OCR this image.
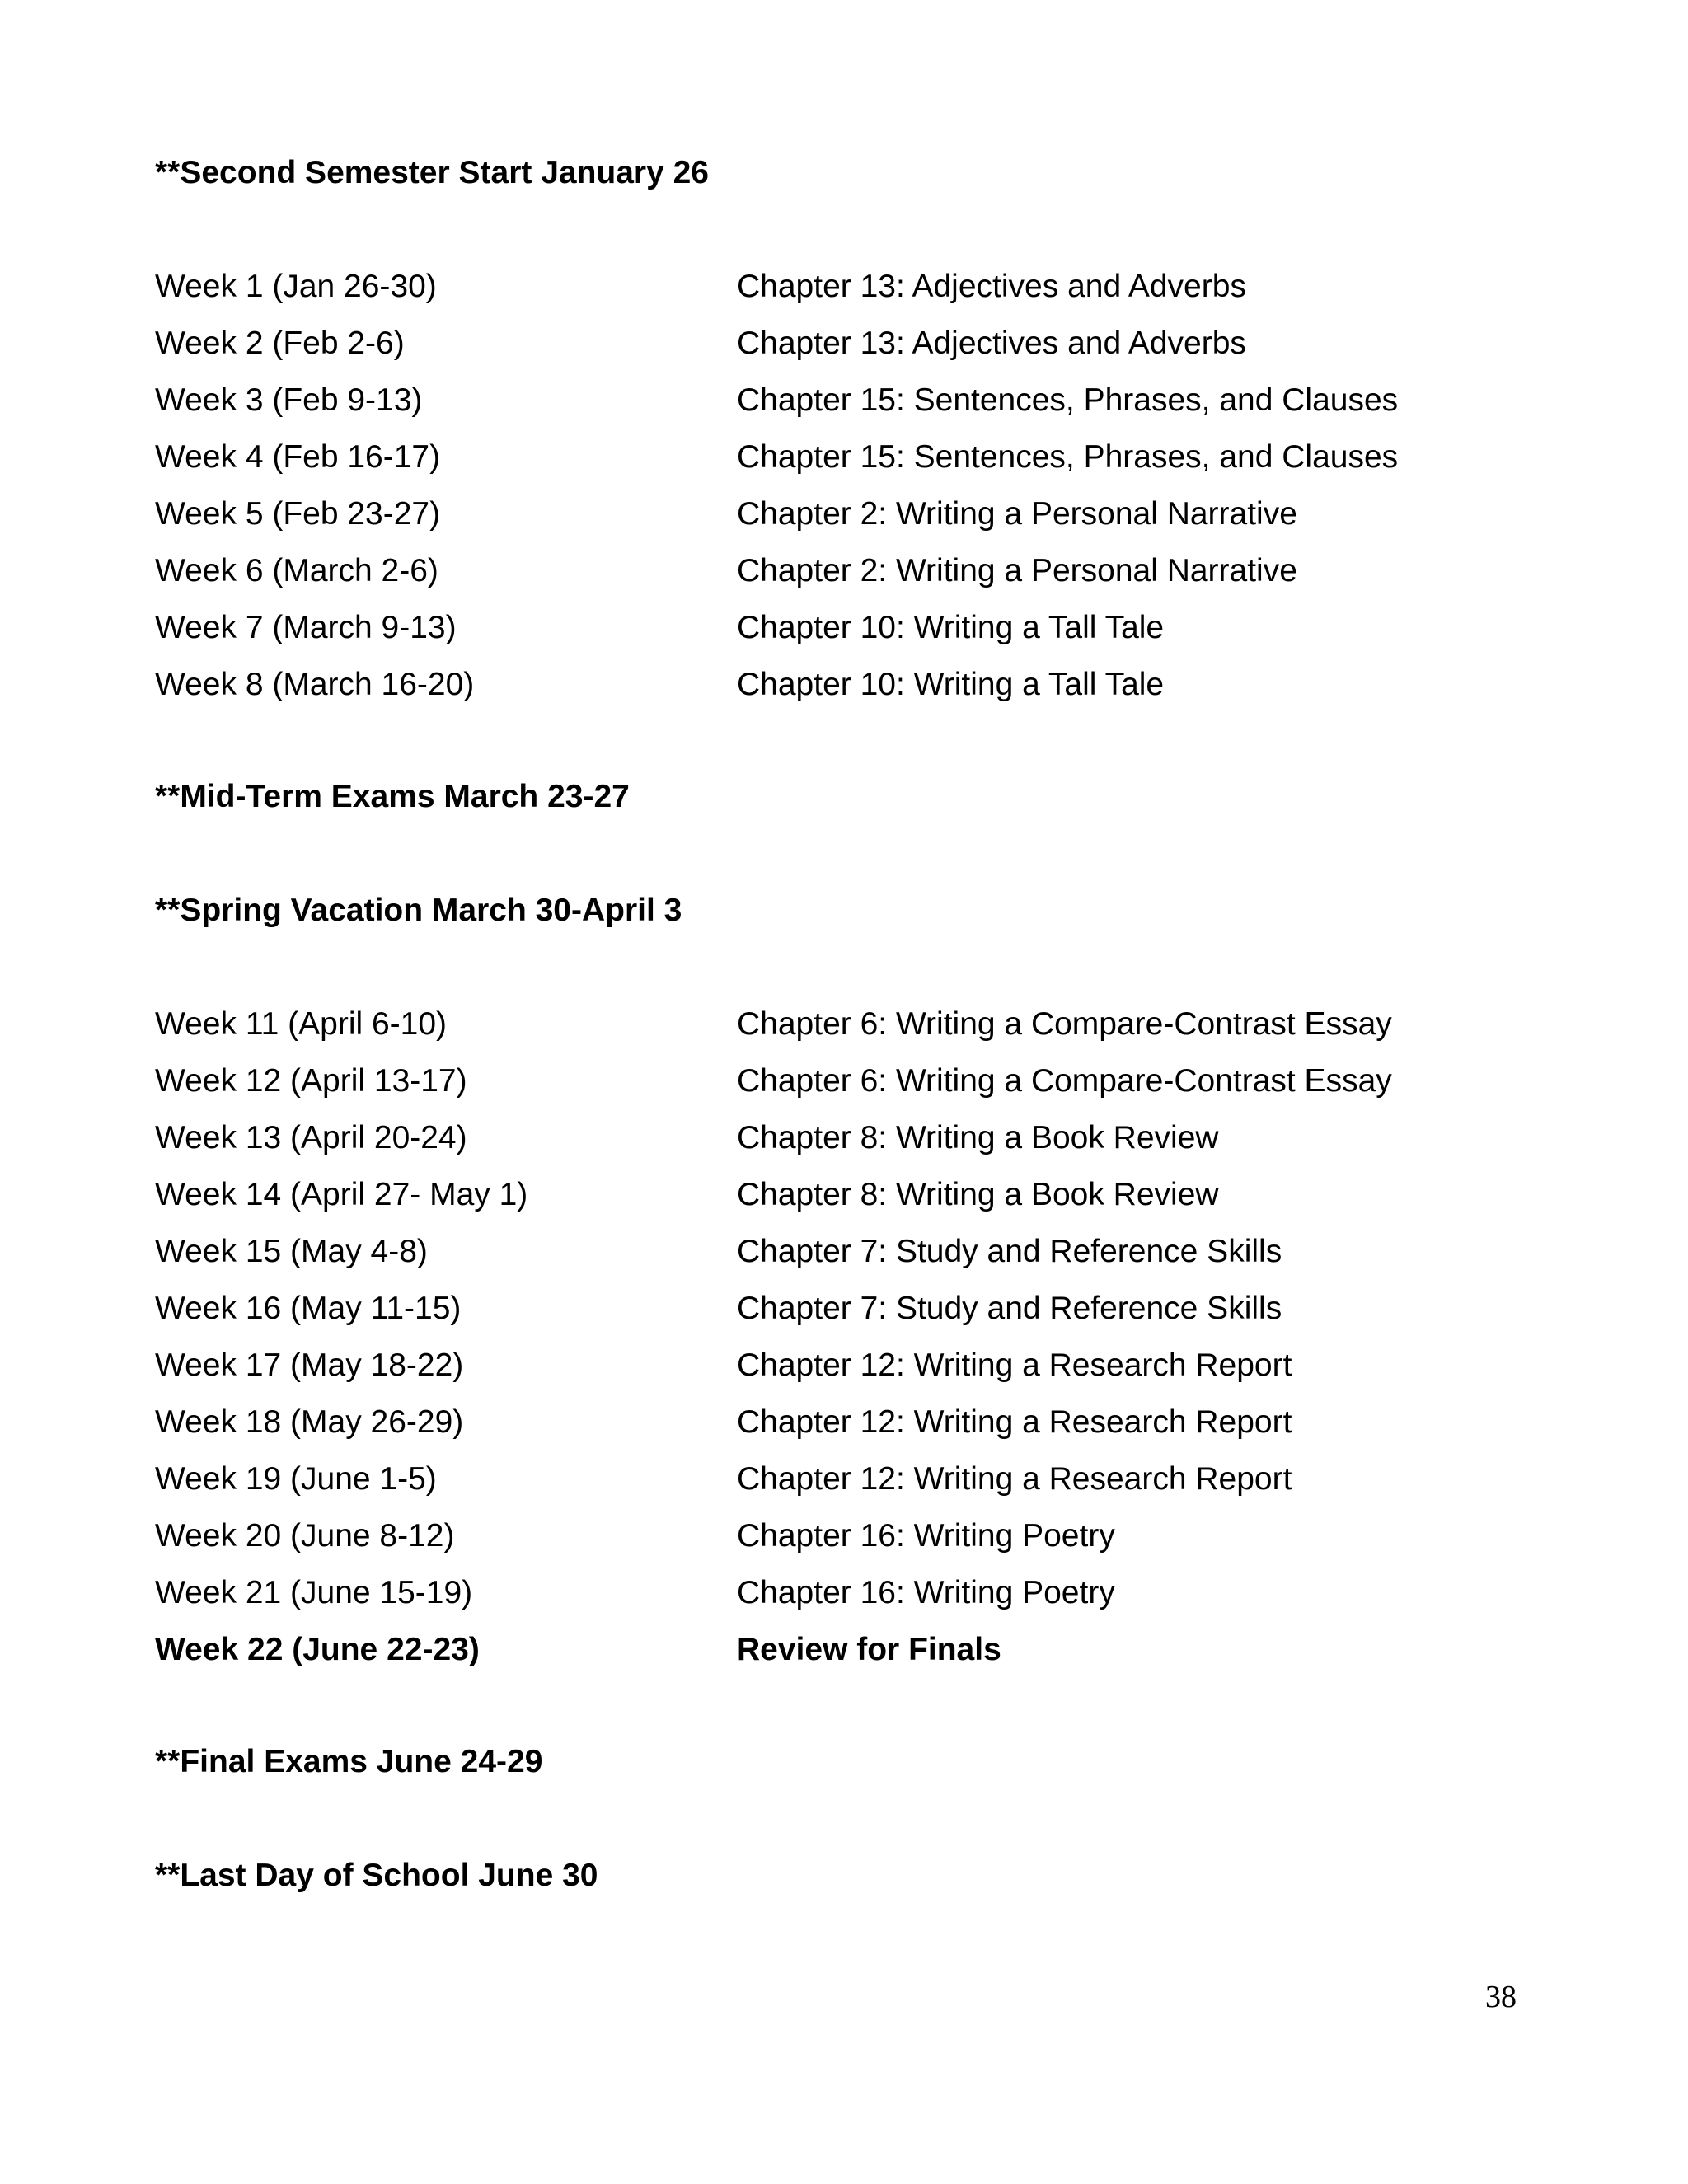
**Second Semester Start January 26
Week 1 (Jan 26-30)	Chapter 13: Adjectives and Adverbs
Week 2 (Feb 2-6)	Chapter 13: Adjectives and Adverbs
Week 3 (Feb 9-13)	Chapter 15: Sentences, Phrases, and Clauses
Week 4 (Feb 16-17)	Chapter 15: Sentences, Phrases, and Clauses
Week 5 (Feb 23-27)	Chapter 2: Writing a Personal Narrative
Week 6 (March 2-6)	Chapter 2: Writing a Personal Narrative
Week 7 (March 9-13)	Chapter 10: Writing a Tall Tale
Week 8 (March 16-20)	Chapter 10: Writing a Tall Tale
**Mid-Term Exams March 23-27
**Spring Vacation March 30-April 3
Week 11 (April 6-10)	Chapter 6: Writing a Compare-Contrast Essay
Week 12 (April 13-17)	Chapter 6: Writing a Compare-Contrast Essay
Week 13 (April 20-24)	Chapter 8: Writing a Book Review
Week 14 (April 27- May 1)	Chapter 8: Writing a Book Review
Week 15 (May 4-8)	Chapter 7: Study and Reference Skills
Week 16 (May 11-15)	Chapter 7: Study and Reference Skills
Week 17 (May 18-22)	Chapter 12: Writing a Research Report
Week 18 (May 26-29)	Chapter 12: Writing a Research Report
Week 19 (June 1-5)	Chapter 12: Writing a Research Report
Week 20 (June 8-12)	Chapter 16: Writing Poetry
Week 21 (June 15-19)	Chapter 16: Writing Poetry
Week 22 (June 22-23)	Review for Finals
**Final Exams June 24-29
**Last Day of School June 30
38
